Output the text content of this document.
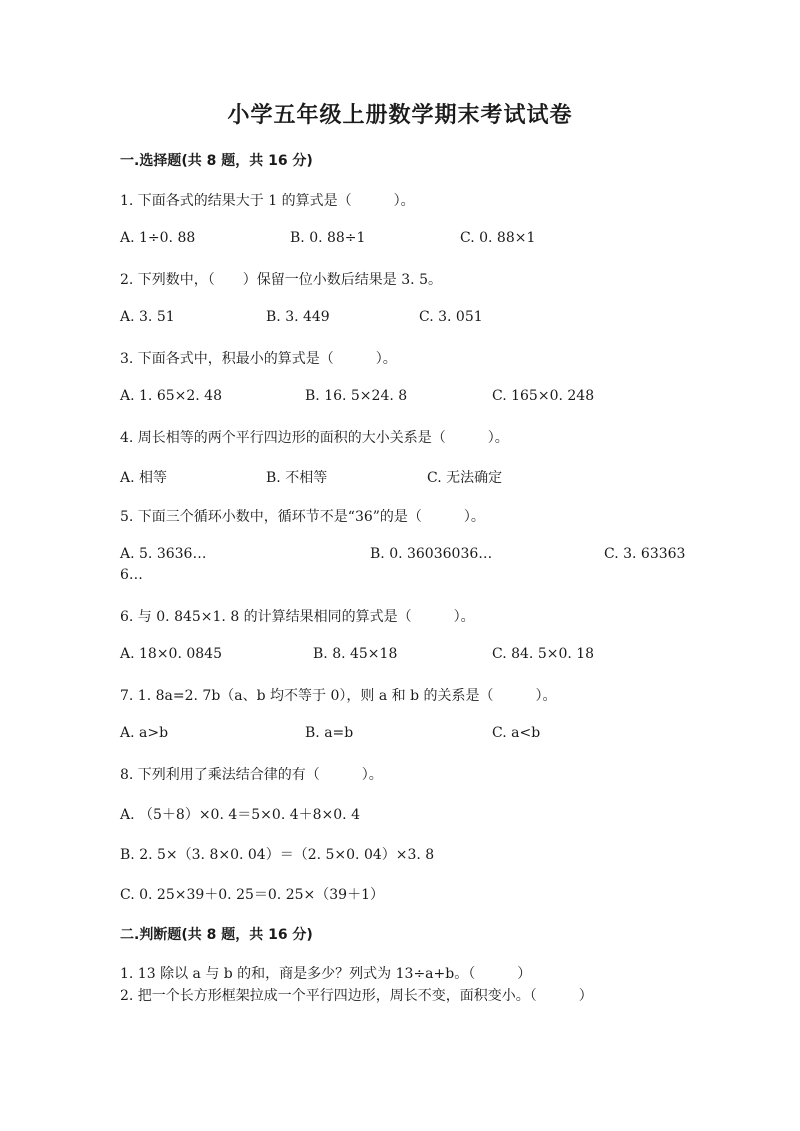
小学五年级上册数学期末考试试卷
一.选择题(共 8 题，共 16 分)
1. 下面各式的结果大于 1 的算式是（　　　）。
A. 1÷0. 88	B. 0. 88÷1	C. 0. 88×1
2. 下列数中，（　　）保留一位小数后结果是 3. 5。
A. 3. 51	B. 3. 449	C. 3. 051
3. 下面各式中，积最小的算式是（　　　）。
A. 1. 65×2. 48	B. 16. 5×24. 8	C. 165×0. 248
4. 周长相等的两个平行四边形的面积的大小关系是（　　　）。
A. 相等	B. 不相等	C. 无法确定
5. 下面三个循环小数中，循环节不是“36”的是（　　　）。
A. 5. 3636…	B. 0. 36036036…	C. 3. 63363
6…
6. 与 0. 845×1. 8 的计算结果相同的算式是（　　　）。
A. 18×0. 0845	B. 8. 45×18	C. 84. 5×0. 18
7. 1. 8a=2. 7b（a、b 均不等于 0），则 a 和 b 的关系是（　　　）。
A. a>b	B. a=b	C. a<b
8. 下列利用了乘法结合律的有（　　　）。
A. （5＋8）×0. 4＝5×0. 4＋8×0. 4
B. 2. 5×（3. 8×0. 04）＝（2. 5×0. 04）×3. 8
C. 0. 25×39＋0. 25＝0. 25×（39＋1）
二.判断题(共 8 题，共 16 分)
1. 13 除以 a 与 b 的和，商是多少？列式为 13÷a+b。（　　　）
2. 把一个长方形框架拉成一个平行四边形，周长不变，面积变小。（　　　）
